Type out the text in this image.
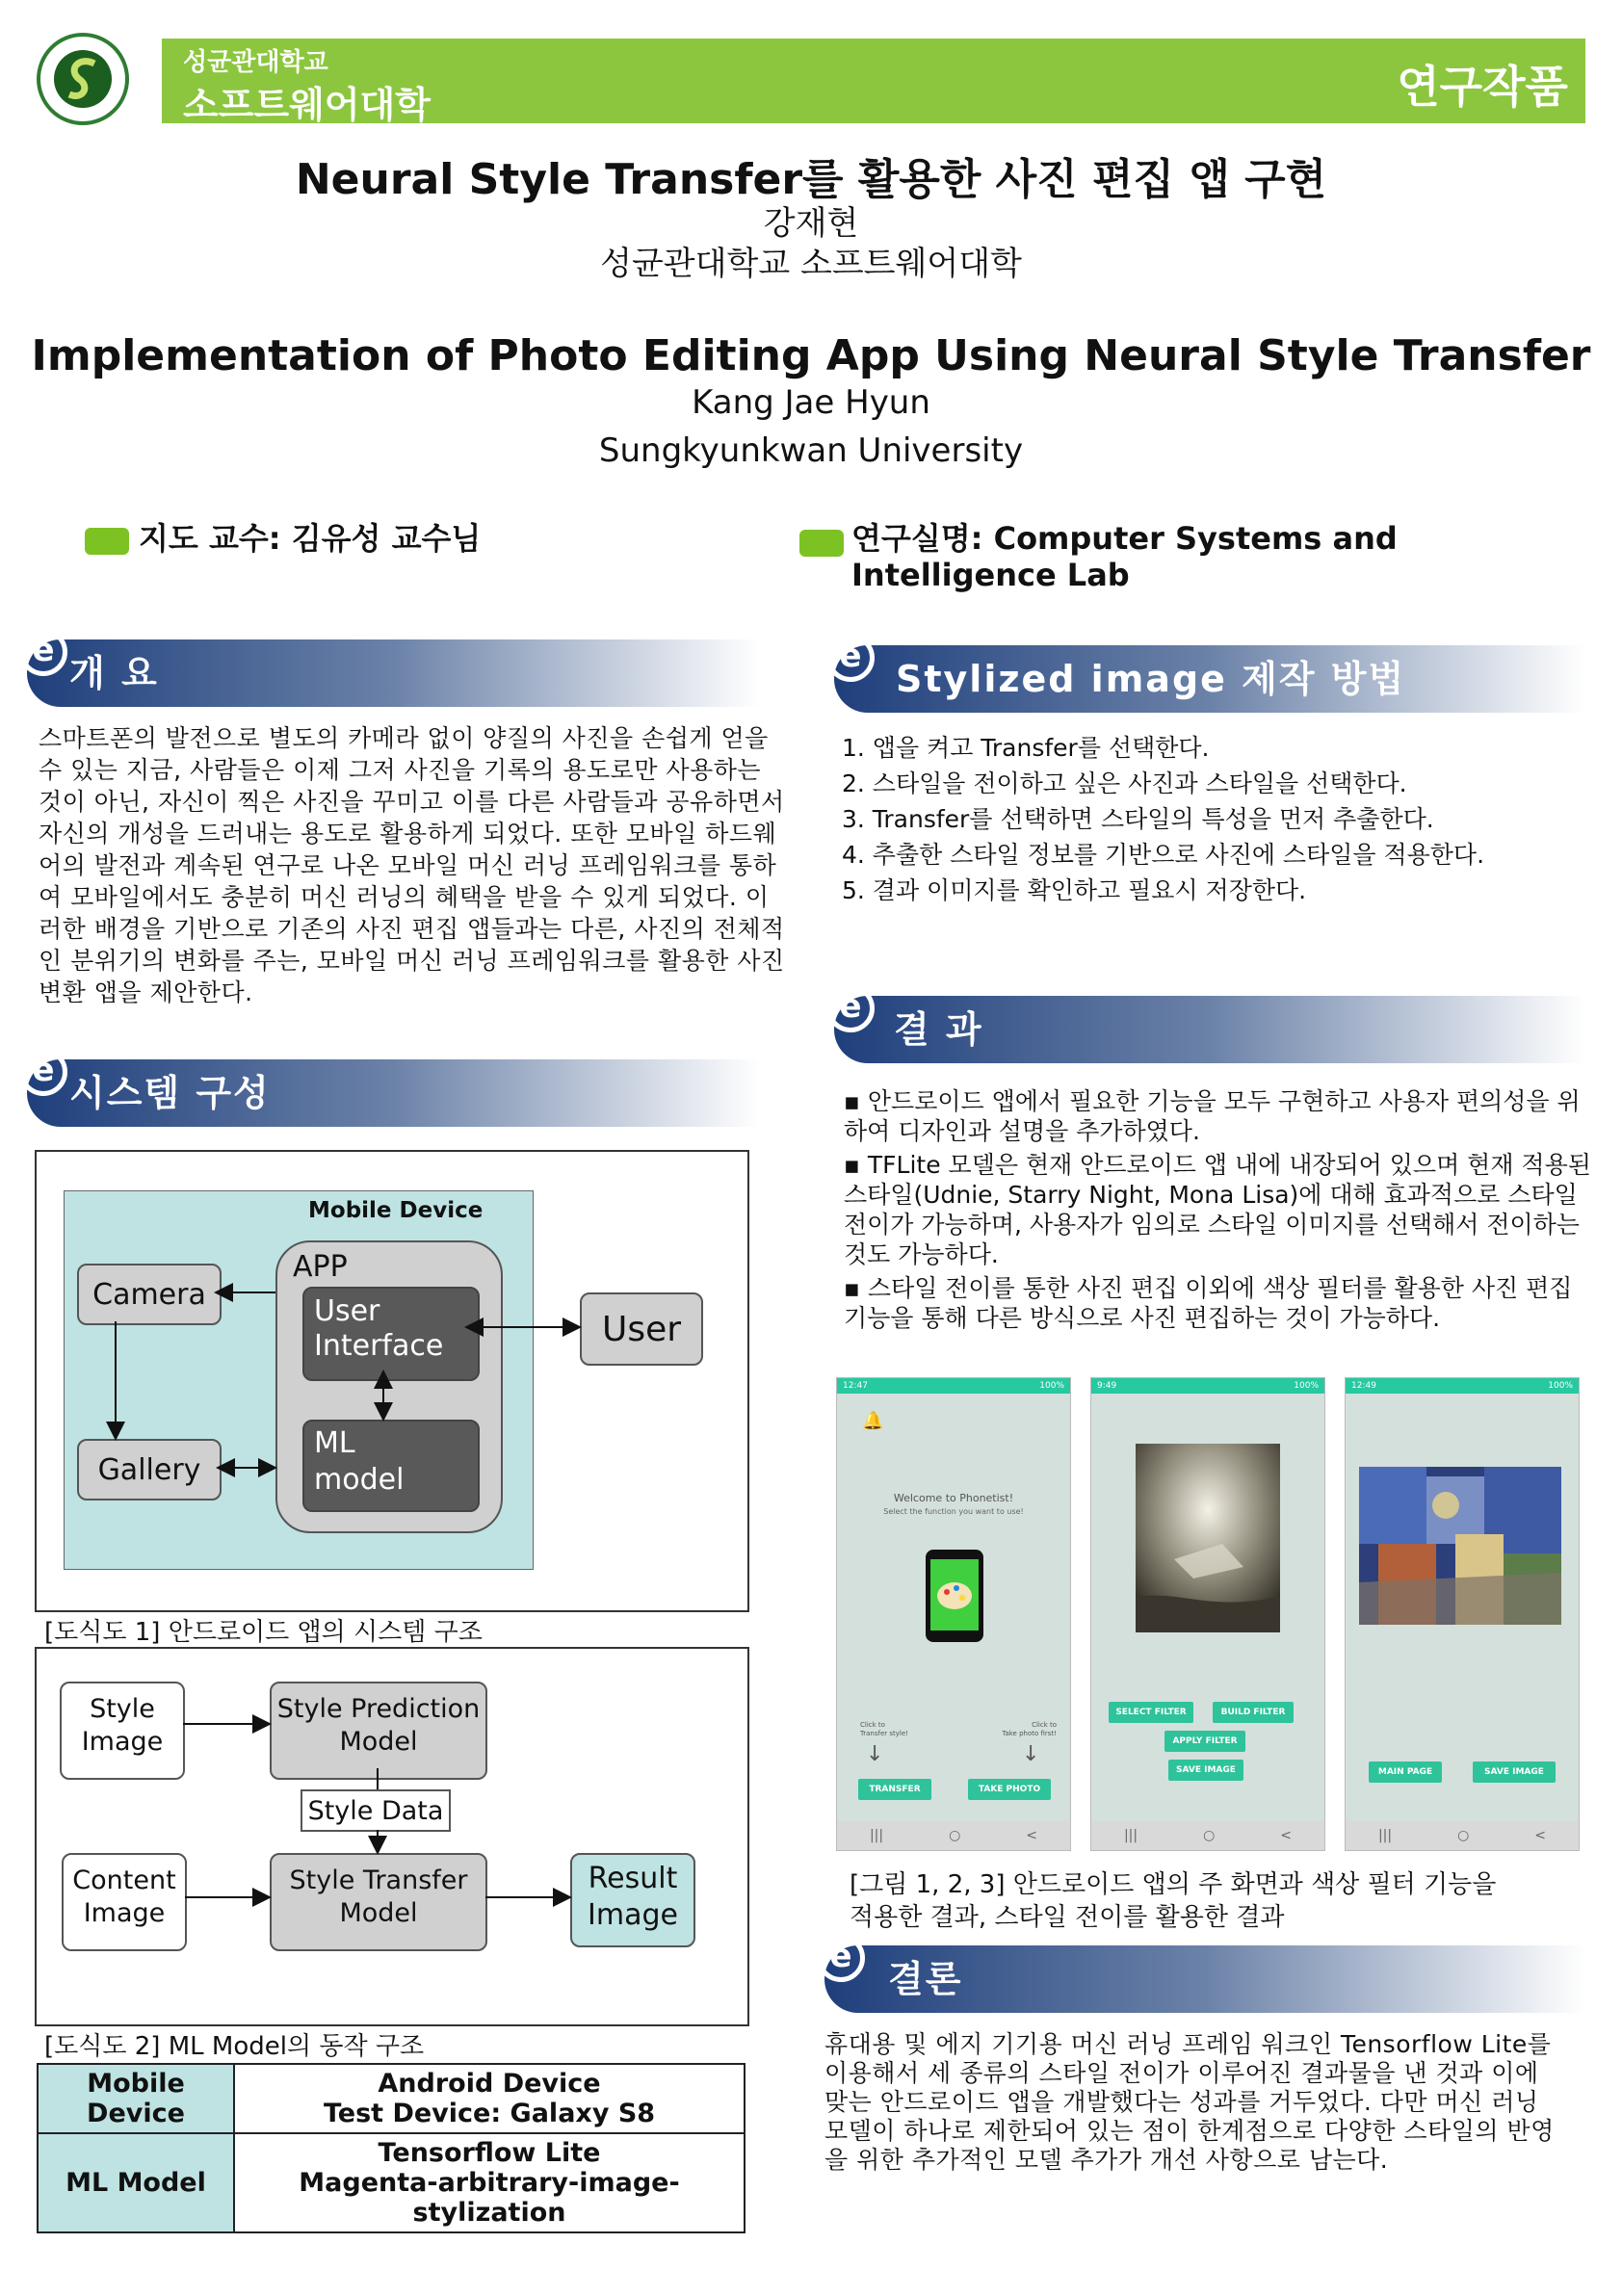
성균관대학교
소프트웨어대학	연구작품
Neural Style Transfer를 활용한 사진 편집 앱 구현
강재현
성균관대학교 소프트웨어대학
Implementation of Photo Editing App Using Neural Style Transfer
Kang Jae Hyun
Sungkyunkwan University
지도 교수: 김유성 교수님	연구실명: Computer Systems and
Intelligence Lab
e
개 요
스마트폰의 발전으로 별도의 카메라 없이 양질의 사진을 손쉽게 얻을 수 있는 지금, 사람들은 이제 그저 사진을 기록의 용도로만 사용하는 것이 아닌, 자신이 찍은 사진을 꾸미고 이를 다른 사람들과 공유하면서 자신의 개성을 드러내는 용도로 활용하게 되었다. 또한 모바일 하드웨어의 발전과 계속된 연구로 나온 모바일 머신 러닝 프레임워크를 통하여 모바일에서도 충분히 머신 러닝의 혜택을 받을 수 있게 되었다. 이러한 배경을 기반으로 기존의 사진 편집 앱들과는 다른, 사진의 전체적인 분위기의 변화를 주는, 모바일 머신 러닝 프레임워크를 활용한 사진 변환 앱을 제안한다.
e
시스템 구성
Mobile Device
APP
Camera
Gallery
User
Interface
ML
model
User
[도식도 1] 안드로이드 앱의 시스템 구조
Style
Image
Style Prediction
Model
Style Data
Content
Image
Style Transfer
Model
Result
Image
[도식도 2] ML Model의 동작 구조
Mobile Device	Android Device
Test Device: Galaxy S8

ML Model	Tensorflow Lite
Magenta-arbitrary-image-stylization
e
Stylized image 제작 방법
1. 앱을 켜고 Transfer를 선택한다.
2. 스타일을 전이하고 싶은 사진과 스타일을 선택한다.
3. Transfer를 선택하면 스타일의 특성을 먼저 추출한다.
4. 추출한 스타일 정보를 기반으로 사진에 스타일을 적용한다.
5. 결과 이미지를 확인하고 필요시 저장한다.
e
결 과
▪ 안드로이드 앱에서 필요한 기능을 모두 구현하고 사용자 편의성을 위하여 디자인과 설명을 추가하였다.
▪ TFLite 모델은 현재 안드로이드 앱 내에 내장되어 있으며 현재 적용된 스타일(Udnie, Starry Night, Mona Lisa)에 대해 효과적으로 스타일 전이가 가능하며, 사용자가 임의로 스타일 이미지를 선택해서 전이하는 것도 가능하다.
▪ 스타일 전이를 통한 사진 편집 이외에 색상 필터를 활용한 사진 편집 기능을 통해 다른 방식으로 사진 편집하는 것이 가능하다.
12:47	100%
🔔
Welcome to Phonetist!
Select the function you want to use!
Click to
Transfer style!
Click to
Take photo first!
↓	↓
TRANSFER	TAKE PHOTO
|||	○	<
9:49	100%
SELECT FILTER	BUILD FILTER
APPLY FILTER
SAVE IMAGE
|||	○	<
12:49	100%
MAIN PAGE	SAVE IMAGE
|||	○	<
[그림 1, 2, 3] 안드로이드 앱의 주 화면과 색상 필터 기능을 적용한 결과, 스타일 전이를 활용한 결과
e
결론
휴대용 및 에지 기기용 머신 러닝 프레임 워크인 Tensorflow Lite를 이용해서 세 종류의 스타일 전이가 이루어진 결과물을 낸 것과 이에 맞는 안드로이드 앱을 개발했다는 성과를 거두었다. 다만 머신 러닝 모델이 하나로 제한되어 있는 점이 한계점으로 다양한 스타일의 반영을 위한 추가적인 모델 추가가 개선 사항으로 남는다.
